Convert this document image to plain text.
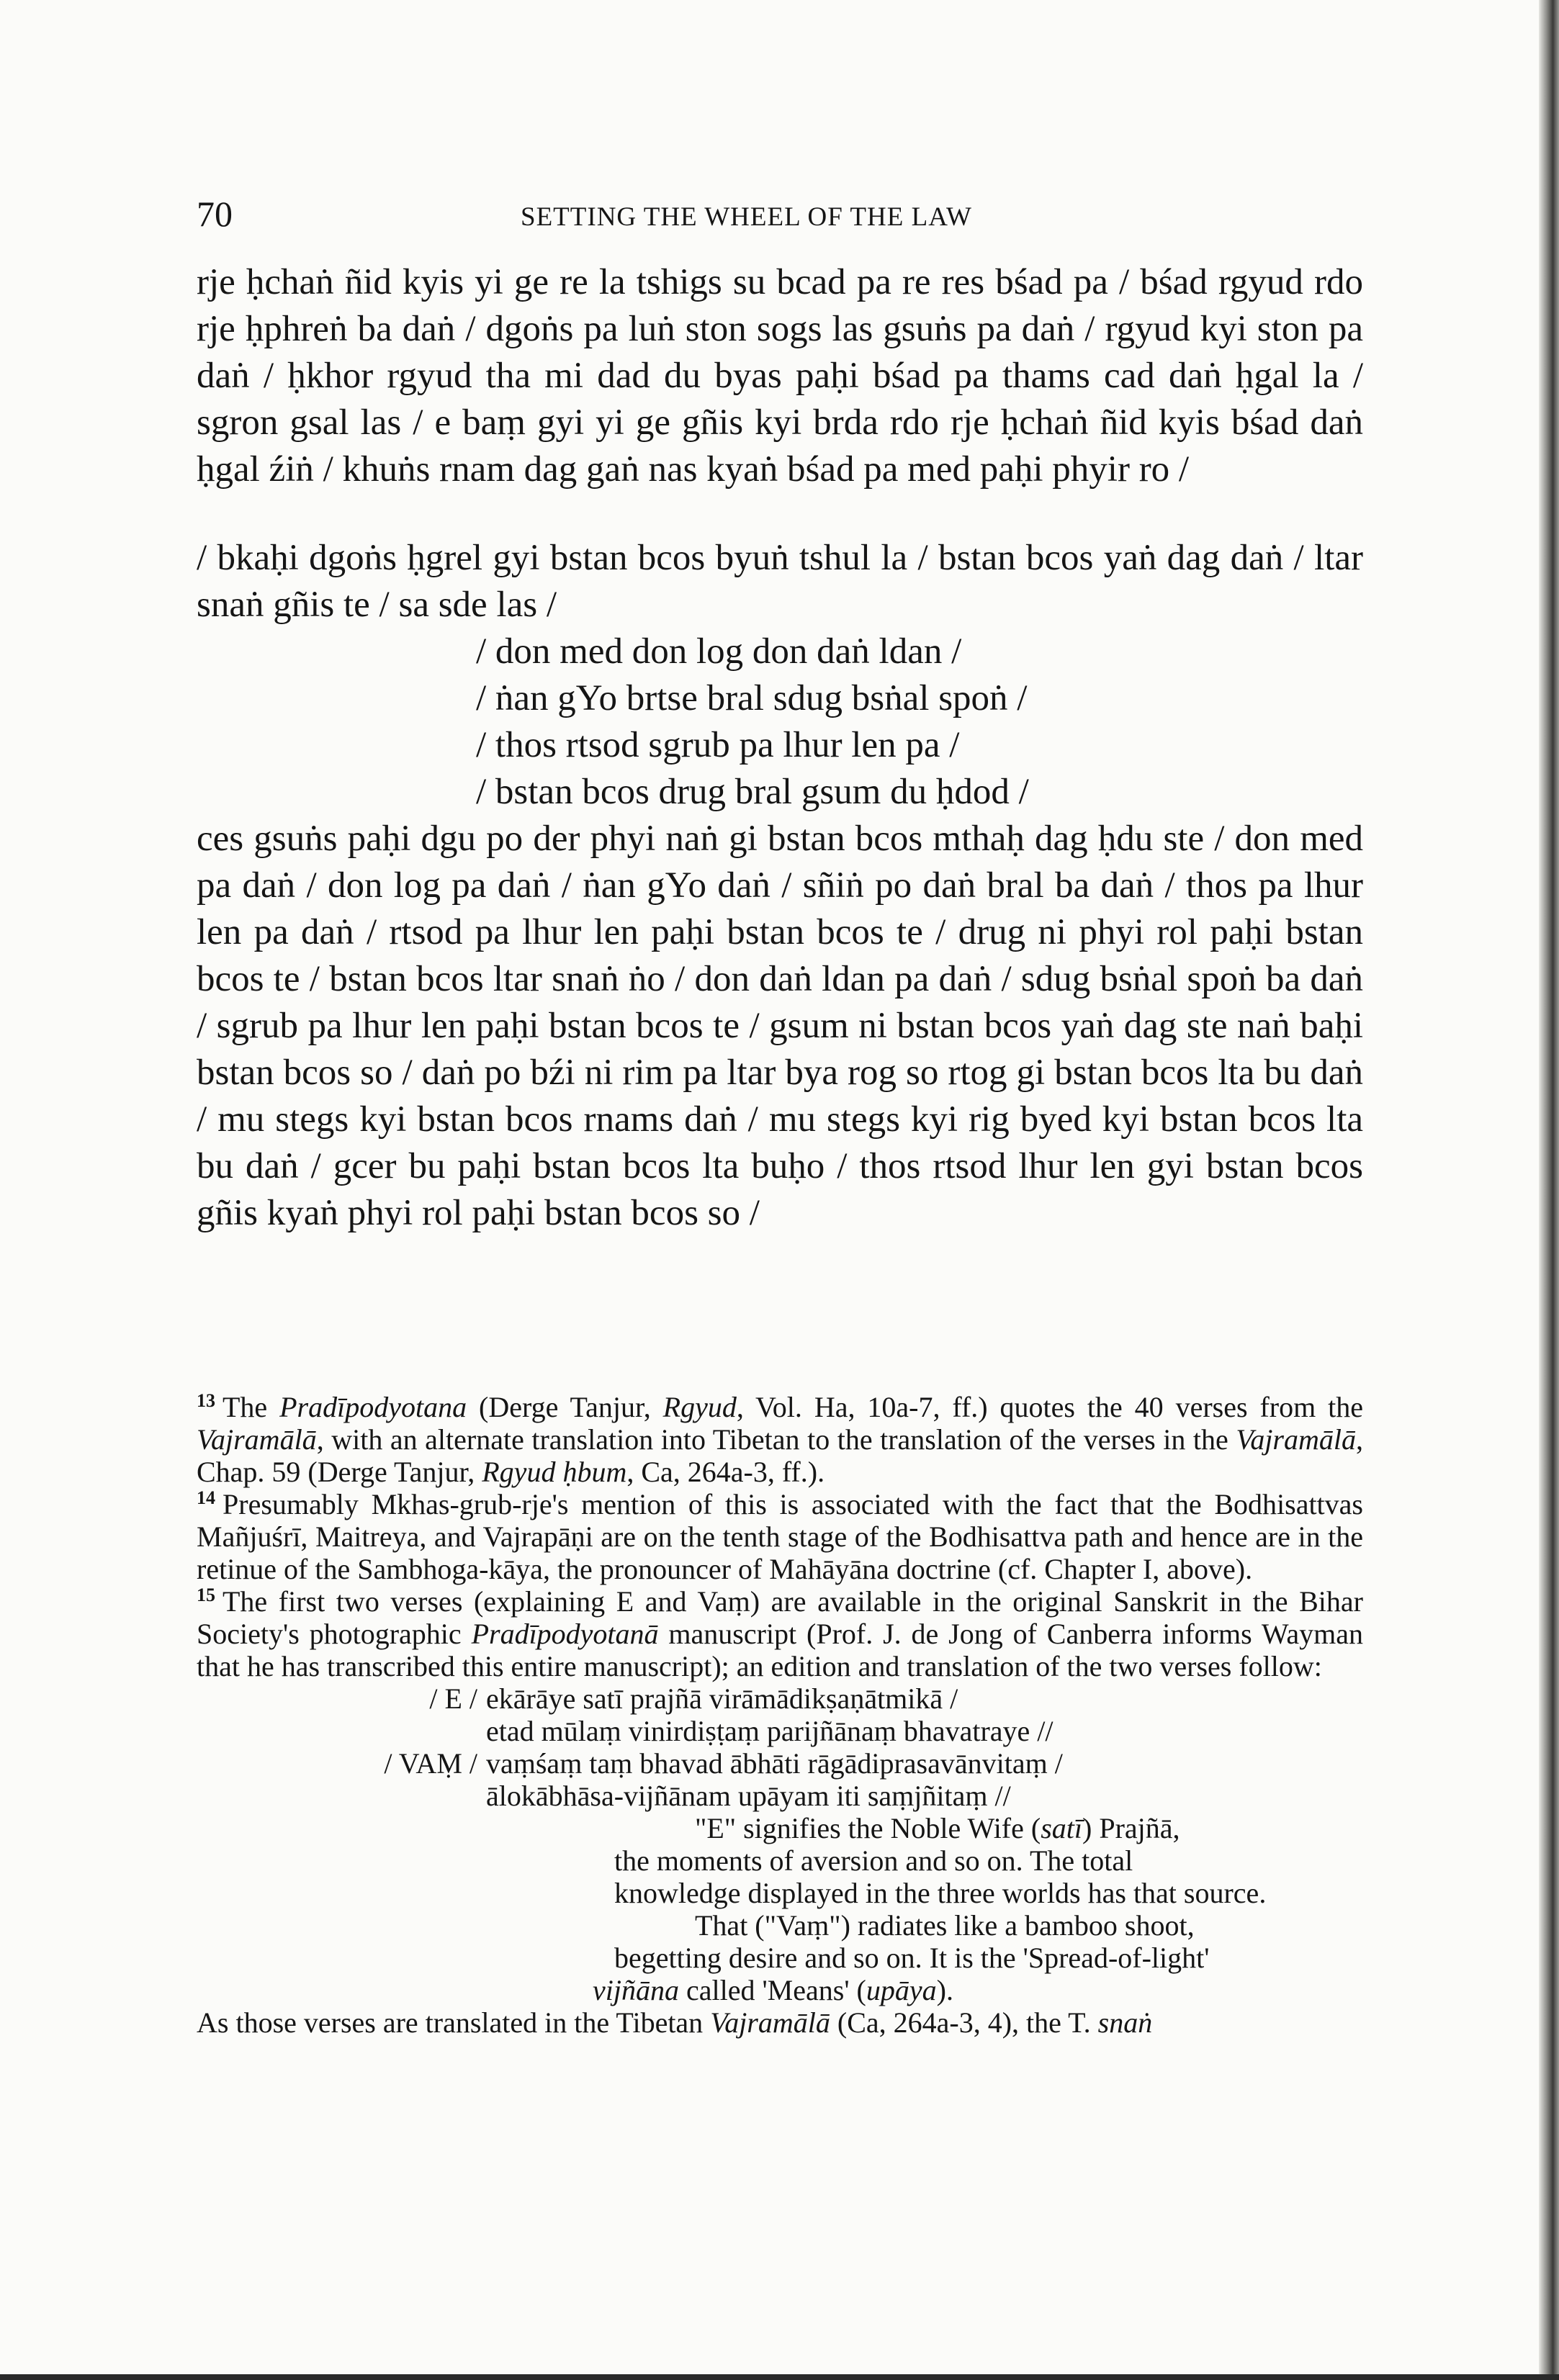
70	SETTING THE WHEEL OF THE LAW

rje ḥchaṅ ñid kyis yi ge re la tshigs su bcad pa re res bśad pa / bśad rgyud rdo rje ḥphreṅ ba daṅ / dgoṅs pa luṅ ston sogs las gsuṅs pa daṅ / rgyud kyi ston pa daṅ / ḥkhor rgyud tha mi dad du byas paḥi bśad pa thams cad daṅ ḥgal la / sgron gsal las / e baṃ gyi yi ge gñis kyi brda rdo rje ḥchaṅ ñid kyis bśad daṅ ḥgal źiṅ / khuṅs rnam dag gaṅ nas kyaṅ bśad pa med paḥi phyir ro /

/ bkaḥi dgoṅs ḥgrel gyi bstan bcos byuṅ tshul la / bstan bcos yaṅ dag daṅ / ltar snaṅ gñis te / sa sde las /

/ don med don log don daṅ ldan /

/ ṅan gYo brtse bral sdug bsṅal spoṅ /

/ thos rtsod sgrub pa lhur len pa /

/ bstan bcos drug bral gsum du ḥdod /

ces gsuṅs paḥi dgu po der phyi naṅ gi bstan bcos mthaḥ dag ḥdu ste / don med pa daṅ / don log pa daṅ / ṅan gYo daṅ / sñiṅ po daṅ bral ba daṅ / thos pa lhur len pa daṅ / rtsod pa lhur len paḥi bstan bcos te / drug ni phyi rol paḥi bstan bcos te / bstan bcos ltar snaṅ ṅo / don daṅ ldan pa daṅ / sdug bsṅal spoṅ ba daṅ / sgrub pa lhur len paḥi bstan bcos te / gsum ni bstan bcos yaṅ dag ste naṅ baḥi bstan bcos so / daṅ po bźi ni rim pa ltar bya rog so rtog gi bstan bcos lta bu daṅ / mu stegs kyi bstan bcos rnams daṅ / mu stegs kyi rig byed kyi bstan bcos lta bu daṅ / gcer bu paḥi bstan bcos lta buḥo / thos rtsod lhur len gyi bstan bcos gñis kyaṅ phyi rol paḥi bstan bcos so /

$^{13}$ The Pradīpodyotana (Derge Tanjur, Rgyud, Vol. Ha, 10a-7, ff.) quotes the 40 verses from the Vajramālā, with an alternate translation into Tibetan to the translation of the verses in the Vajramālā, Chap. 59 (Derge Tanjur, Rgyud ḥbum, Ca, 264a-3, ff.).

$^{14}$ Presumably Mkhas-grub-rje's mention of this is associated with the fact that the Bodhisattvas Mañjuśrī, Maitreya, and Vajrapāṇi are on the tenth stage of the Bodhisattva path and hence are in the retinue of the Sambhoga-kāya, the pronouncer of Mahāyāna doctrine (cf. Chapter I, above).

$^{15}$ The first two verses (explaining E and Vaṃ) are available in the original Sanskrit in the Bihar Society's photographic Pradīpodyotanā manuscript (Prof. J. de Jong of Canberra informs Wayman that he has transcribed this entire manuscript); an edition and translation of the two verses follow:

/ E / ekārāye satī prajñā virāmādikṣaṇātmikā /

etad mūlaṃ vinirdiṣṭaṃ parijñānaṃ bhavatraye //

/ VAṂ / vaṃśaṃ taṃ bhavad ābhāti rāgādiprasavānvitaṃ /

ālokābhāsa-vijñānam upāyam iti saṃjñitaṃ //

"E" signifies the Noble Wife (satī) Prajñā,

the moments of aversion and so on. The total

knowledge displayed in the three worlds has that source.

That ("Vaṃ") radiates like a bamboo shoot,

begetting desire and so on. It is the 'Spread-of-light'

vijñāna called 'Means' (upāya).

As those verses are translated in the Tibetan Vajramālā (Ca, 264a-3, 4), the T. snaṅ
